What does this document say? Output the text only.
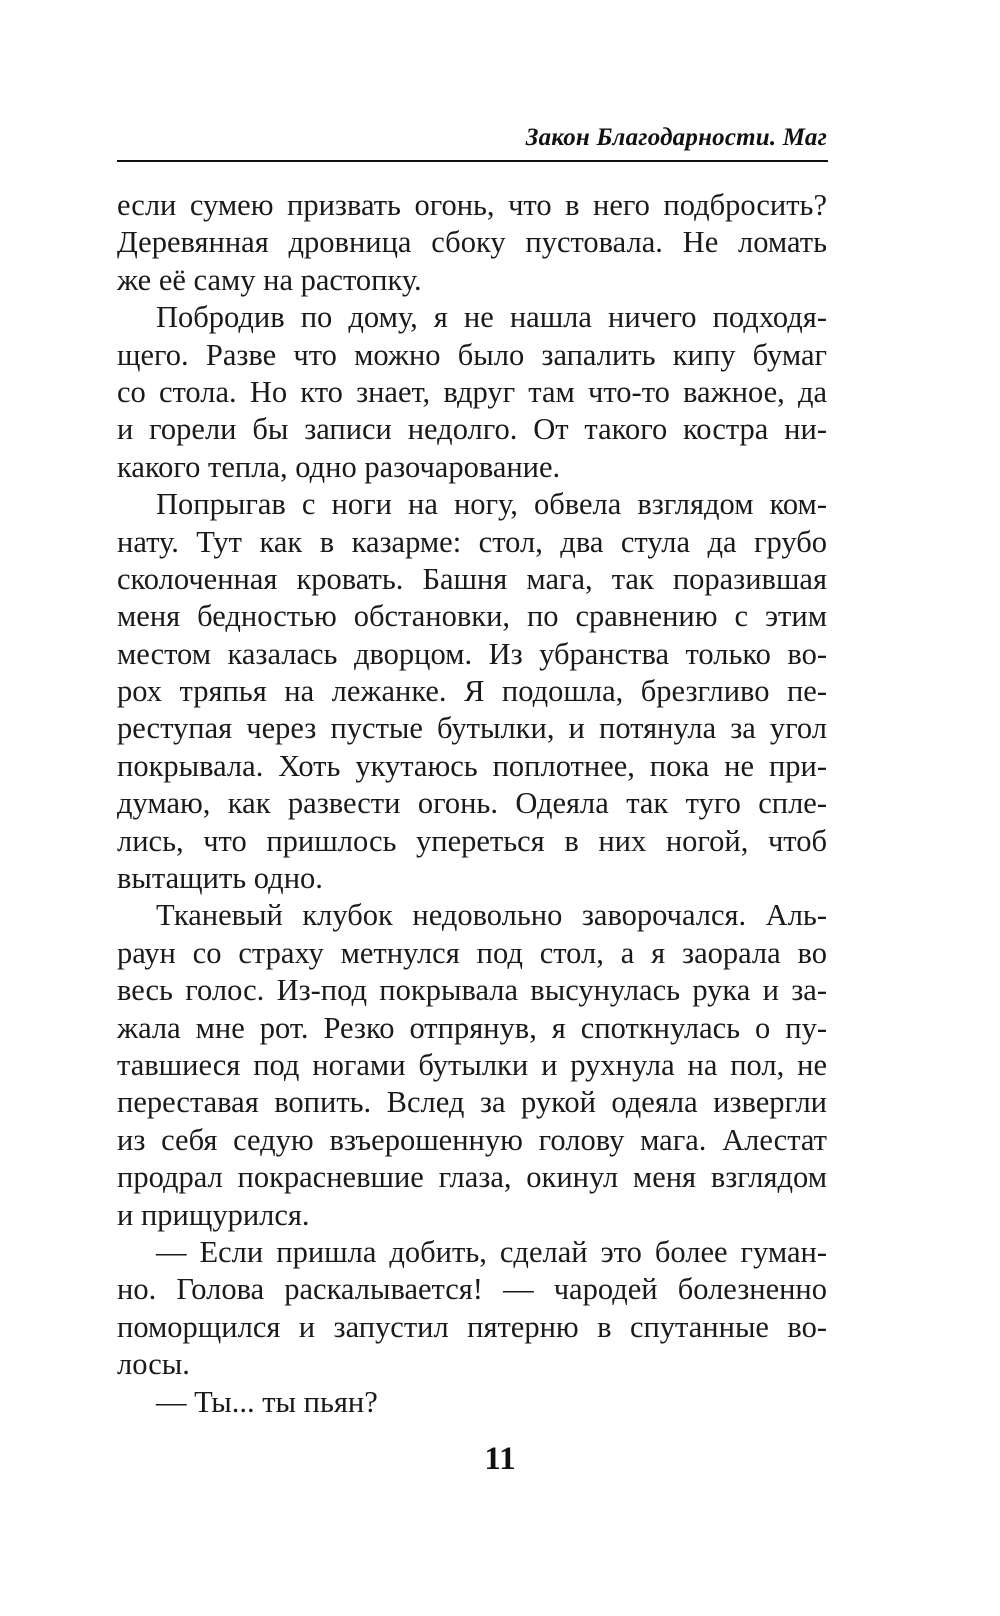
Закон Благодарности. Маг
если сумею призвать огонь, что в него подбросить?
Деревянная дровница сбоку пустовала. Не ломать
же её саму на растопку.
Побродив по дому, я не нашла ничего подходя-
щего. Разве что можно было запалить кипу бумаг
со стола. Но кто знает, вдруг там что-то важное, да
и горели бы записи недолго. От такого костра ни-
какого тепла, одно разочарование.
Попрыгав с ноги на ногу, обвела взглядом ком-
нату. Тут как в казарме: стол, два стула да грубо
сколоченная кровать. Башня мага, так поразившая
меня бедностью обстановки, по сравнению с этим
местом казалась дворцом. Из убранства только во-
рох тряпья на лежанке. Я подошла, брезгливо пе-
реступая через пустые бутылки, и потянула за угол
покрывала. Хоть укутаюсь поплотнее, пока не при-
думаю, как развести огонь. Одеяла так туго спле-
лись, что пришлось упереться в них ногой, чтоб
вытащить одно.
Тканевый клубок недовольно заворочался. Аль-
раун со страху метнулся под стол, а я заорала во
весь голос. Из-под покрывала высунулась рука и за-
жала мне рот. Резко отпрянув, я споткнулась о пу-
тавшиеся под ногами бутылки и рухнула на пол, не
переставая вопить. Вслед за рукой одеяла извергли
из себя седую взъерошенную голову мага. Алестат
продрал покрасневшие глаза, окинул меня взглядом
и прищурился.
— Если пришла добить, сделай это более гуман-
но. Голова раскалывается! — чародей болезненно
поморщился и запустил пятерню в спутанные во-
лосы.
— Ты... ты пьян?
11
